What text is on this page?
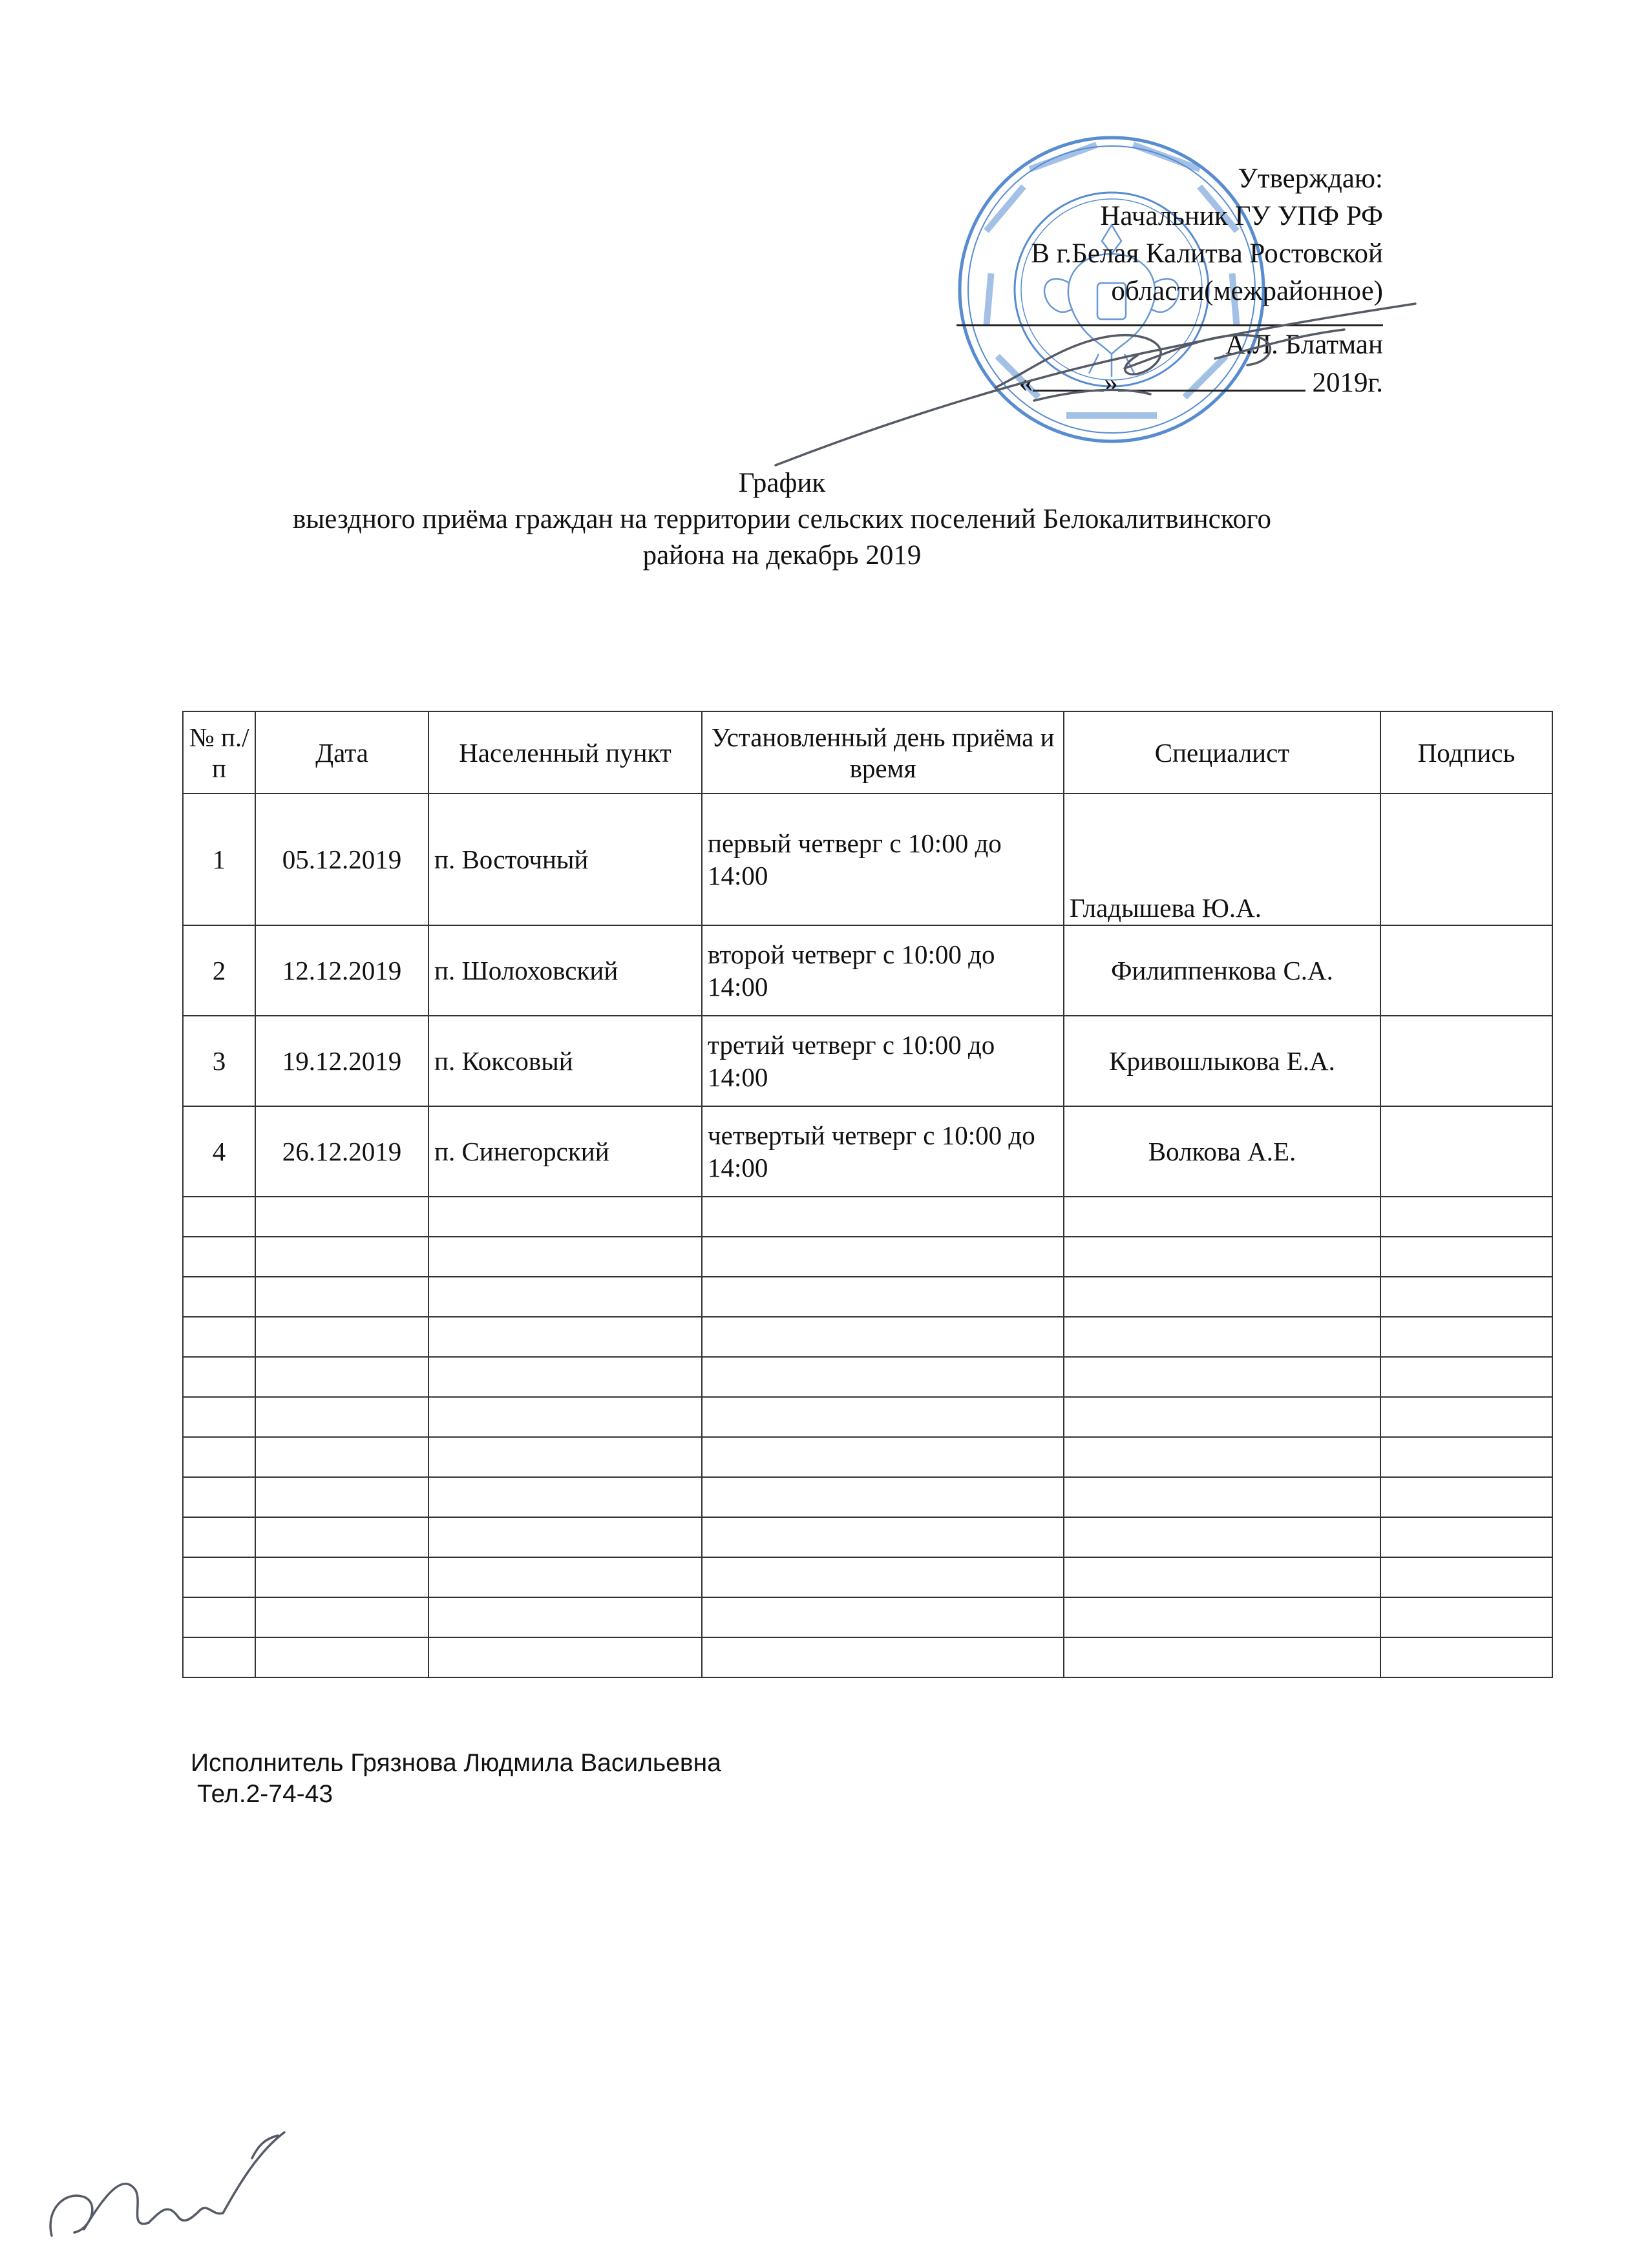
Утверждаю:
Начальник ГУ УПФ РФ
В г.Белая Калитва Ростовской
области(межрайонное)
А.Л. Блатман
«	»	2019г.
График
выездного приёма граждан на территории сельских поселений Белокалитвинского
района на декабрь 2019
№ п./п	Дата	Населенный пункт	Установленный день приёма и время	Специалист	Подпись
1	05.12.2019	п. Восточный	первый четверг с 10:00 до 14:00	Гладышева Ю.А.	
2	12.12.2019	п. Шолоховский	второй четверг с 10:00 до 14:00	Филиппенкова С.А.	
3	19.12.2019	п. Коксовый	третий четверг с 10:00 до 14:00	Кривошлыкова Е.А.	
4	26.12.2019	п. Синегорский	четвертый четверг с 10:00 до 14:00	Волкова А.Е.	

Исполнитель Грязнова Людмила Васильевна
Тел.2-74-43
